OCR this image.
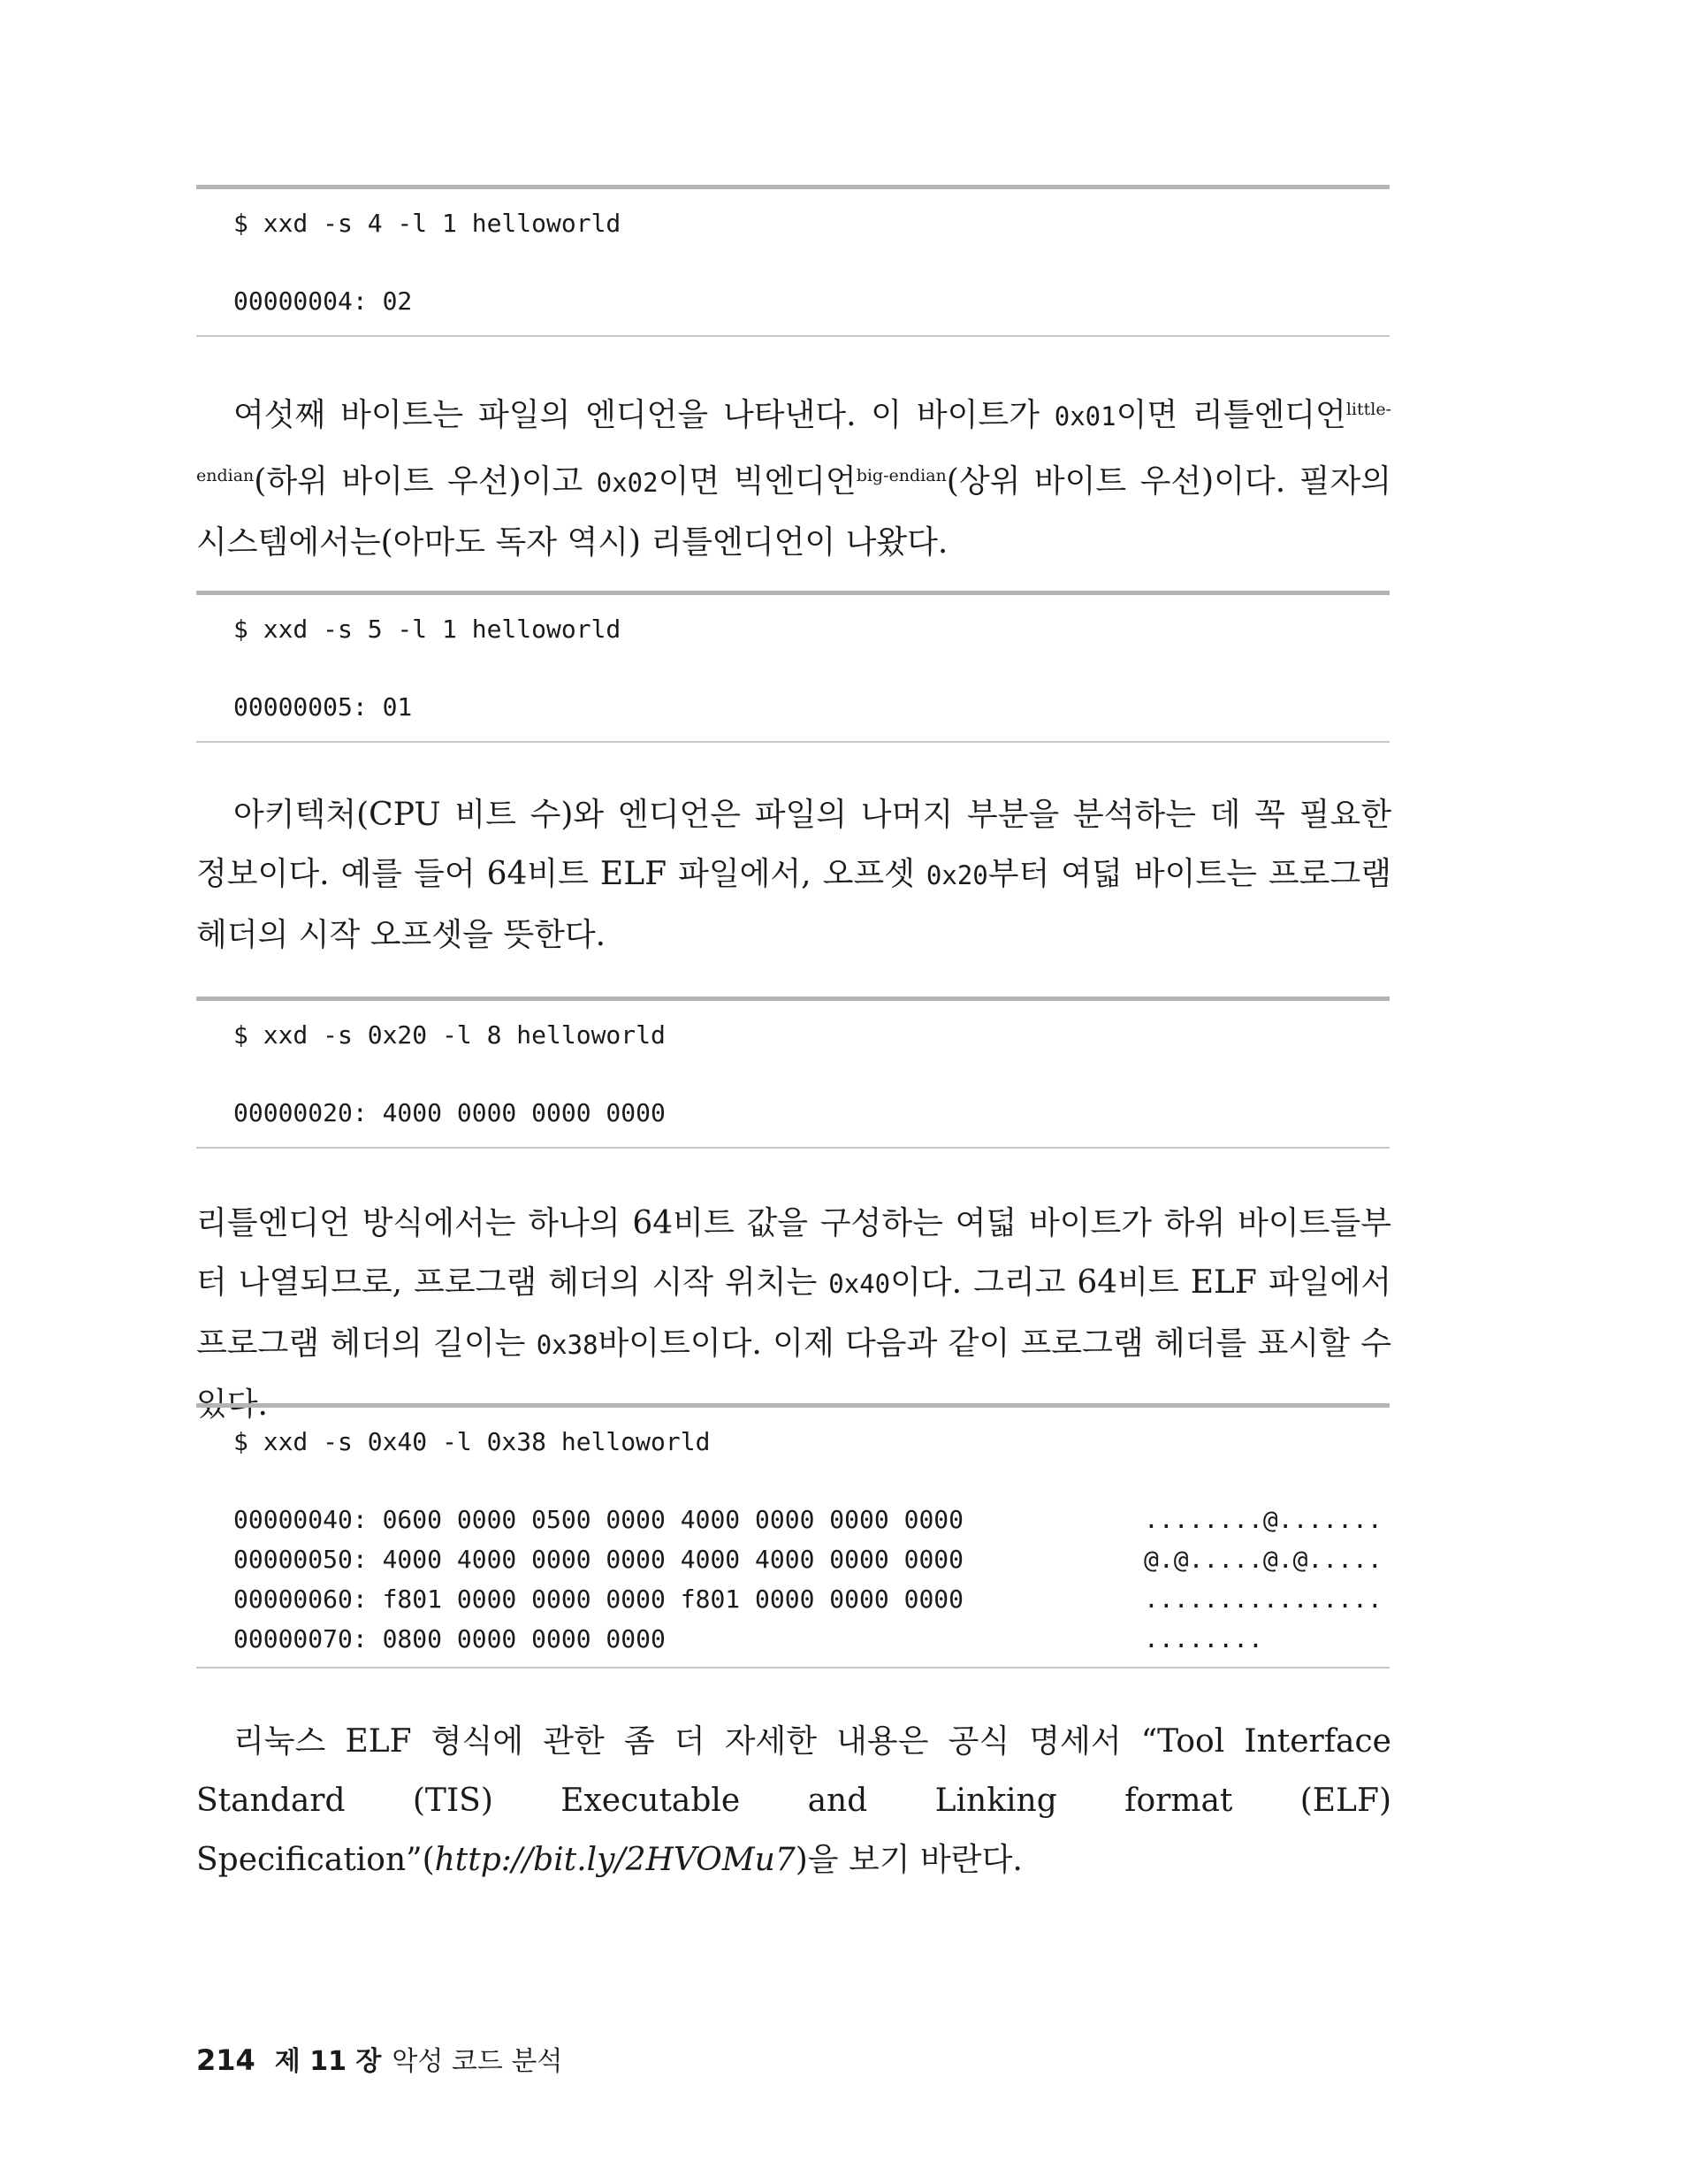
$ xxd -s 4 -l 1 helloworld
00000004: 02
여섯째 바이트는 파일의 엔디언을 나타낸다. 이 바이트가 0x01이면 리틀엔디언$^{little-endian}$(하위 바이트 우선)이고 0x02이면 빅엔디언$^{big-endian}$(상위 바이트 우선)이다. 필자의 시스템에서는(아마도 독자 역시) 리틀엔디언이 나왔다.
$ xxd -s 5 -l 1 helloworld
00000005: 01
아키텍처(CPU 비트 수)와 엔디언은 파일의 나머지 부분을 분석하는 데 꼭 필요한 정보이다. 예를 들어 64비트 ELF 파일에서, 오프셋 0x20부터 여덟 바이트는 프로그램 헤더의 시작 오프셋을 뜻한다.
$ xxd -s 0x20 -l 8 helloworld
00000020: 4000 0000 0000 0000
리틀엔디언 방식에서는 하나의 64비트 값을 구성하는 여덟 바이트가 하위 바이트들부터 나열되므로, 프로그램 헤더의 시작 위치는 0x40이다. 그리고 64비트 ELF 파일에서 프로그램 헤더의 길이는 0x38바이트이다. 이제 다음과 같이 프로그램 헤더를 표시할 수 있다.
$ xxd -s 0x40 -l 0x38 helloworld
00000040: 0600 0000 0500 0000 4000 0000 0000 0000	........@.......
00000050: 4000 4000 0000 0000 4000 4000 0000 0000	@.@.....@.@.....
00000060: f801 0000 0000 0000 f801 0000 0000 0000	................
00000070: 0800 0000 0000 0000	........
리눅스 ELF 형식에 관한 좀 더 자세한 내용은 공식 명세서 “Tool Interface Standard (TIS) Executable and Linking format (ELF) Specification”(http://bit.ly/2HVOMu7)을 보기 바란다.
214 제 11 장 악성 코드 분석
